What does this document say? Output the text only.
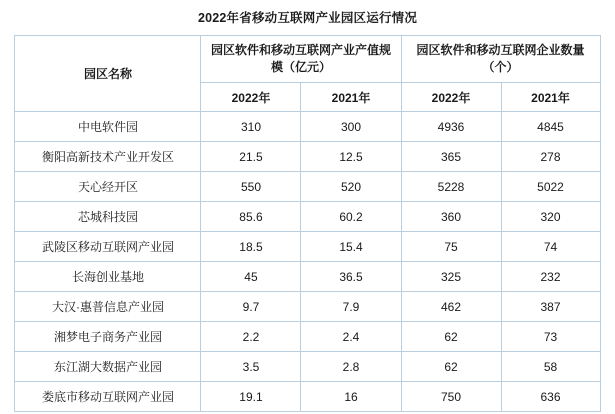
2022年省移动互联网产业园区运行情况
园区名称	园区软件和移动互联网产业产值规模（亿元）		园区软件和移动互联网企业数量（个）	
	2022年	2021年	2022年	2021年
中电软件园	310	300	4936	4845
衡阳高新技术产业开发区	21.5	12.5	365	278
天心经开区	550	520	5228	5022
芯城科技园	85.6	60.2	360	320
武陵区移动互联网产业园	18.5	15.4	75	74
长海创业基地	45	36.5	325	232
大汉·惠普信息产业园	9.7	7.9	462	387
湘梦电子商务产业园	2.2	2.4	62	73
东江湖大数据产业园	3.5	2.8	62	58
娄底市移动互联网产业园	19.1	16	750	636
